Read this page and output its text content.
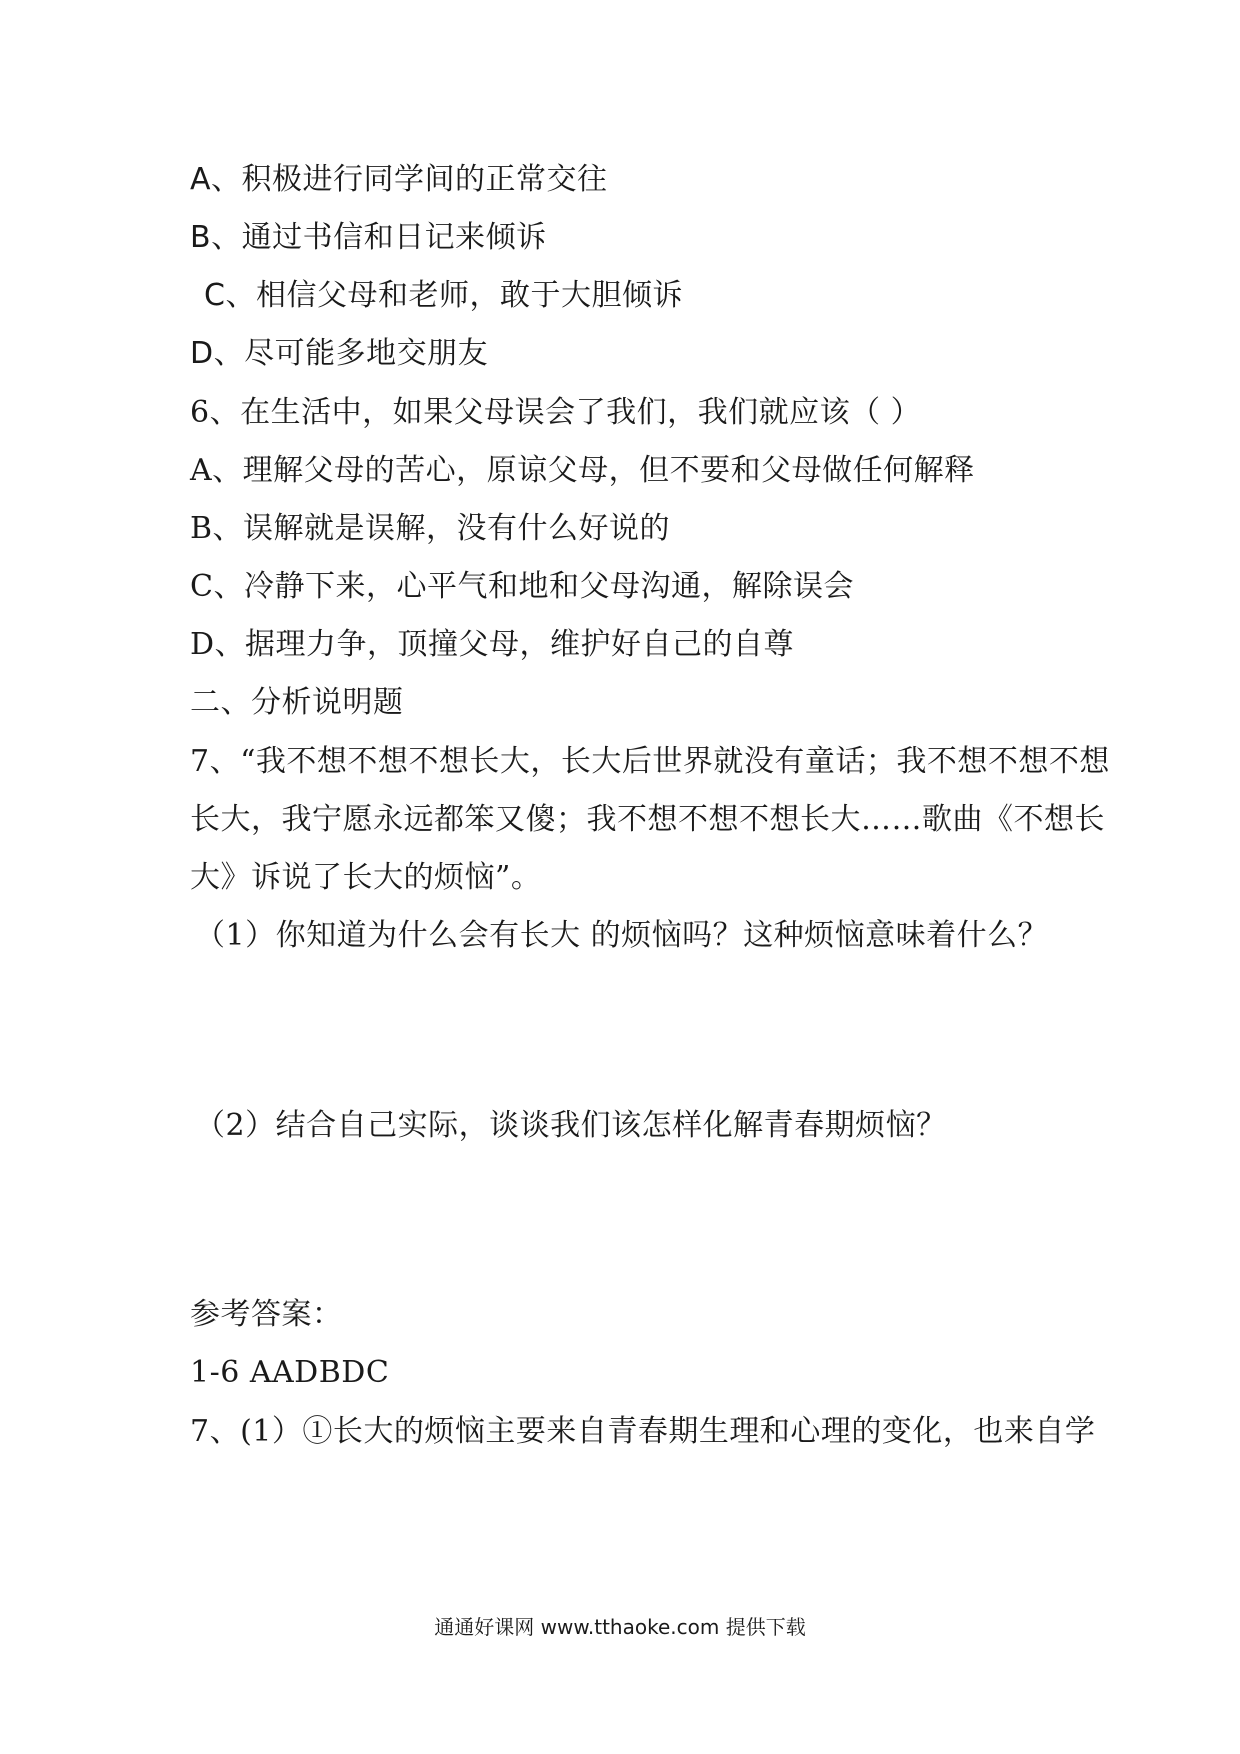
A、积极进行同学间的正常交往
B、通过书信和日记来倾诉
C、相信父母和老师，敢于大胆倾诉
D、尽可能多地交朋友
6、在生活中，如果父母误会了我们，我们就应该（ ）
A、理解父母的苦心，原谅父母，但不要和父母做任何解释
B、误解就是误解，没有什么好说的
C、冷静下来，心平气和地和父母沟通，解除误会
D、据理力争，顶撞父母，维护好自己的自尊
二、分析说明题
7、“我不想不想不想长大，长大后世界就没有童话；我不想不想不想
长大，我宁愿永远都笨又傻；我不想不想不想长大……歌曲《不想长
大》诉说了长大的烦恼”。
（1）你知道为什么会有长大 的烦恼吗？这种烦恼意味着什么？
（2）结合自己实际，谈谈我们该怎样化解青春期烦恼？
参考答案：
1-6 AADBDC
7、(1）①长大的烦恼主要来自青春期生理和心理的变化，也来自学
通通好课网 www.tthaoke.com 提供下载
